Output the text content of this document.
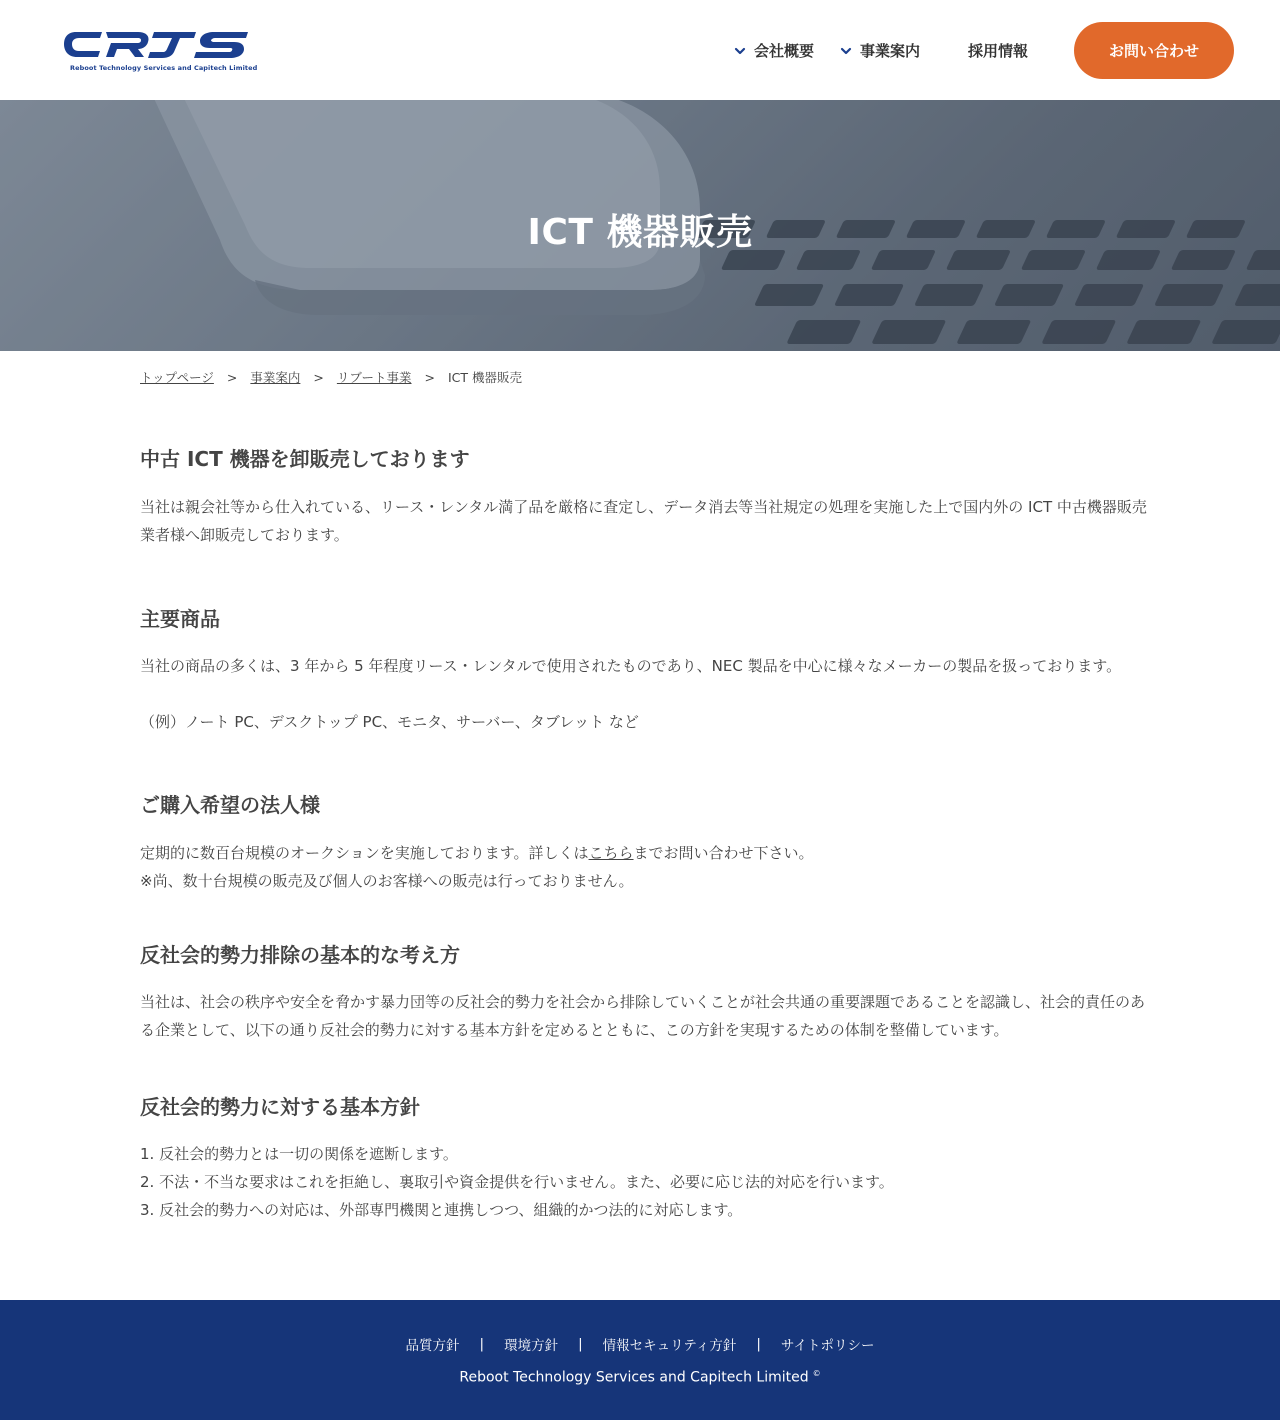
Reboot Technology Services and Capitech Limited
会社概要	事業案内	採用情報	お問い合わせ
ICT 機器販売
トップページ > 事業案内 > リブート事業 > ICT 機器販売
中古 ICT 機器を卸販売しております
当社は親会社等から仕入れている、リース・レンタル満了品を厳格に査定し、データ消去等当社規定の処理を実施した上で国内外の ICT 中古機器販売業者様へ卸販売しております。
主要商品
当社の商品の多くは、3 年から 5 年程度リース・レンタルで使用されたものであり、NEC 製品を中心に様々なメーカーの製品を扱っております。
（例）ノート PC、デスクトップ PC、モニタ、サーバー、タブレット など
ご購入希望の法人様
定期的に数百台規模のオークションを実施しております。詳しくはこちらまでお問い合わせ下さい。
※尚、数十台規模の販売及び個人のお客様への販売は行っておりません。
反社会的勢力排除の基本的な考え方
当社は、社会の秩序や安全を脅かす暴力団等の反社会的勢力を社会から排除していくことが社会共通の重要課題であることを認識し、社会的責任のある企業として、以下の通り反社会的勢力に対する基本方針を定めるとともに、この方針を実現するための体制を整備しています。
反社会的勢力に対する基本方針
1. 反社会的勢力とは一切の関係を遮断します。
2. 不法・不当な要求はこれを拒絶し、裏取引や資金提供を行いません。また、必要に応じ法的対応を行います。
3. 反社会的勢力への対応は、外部専門機関と連携しつつ、組織的かつ法的に対応します。
品質方針 | 環境方針 | 情報セキュリティ方針 | サイトポリシー
Reboot Technology Services and Capitech Limited ©
